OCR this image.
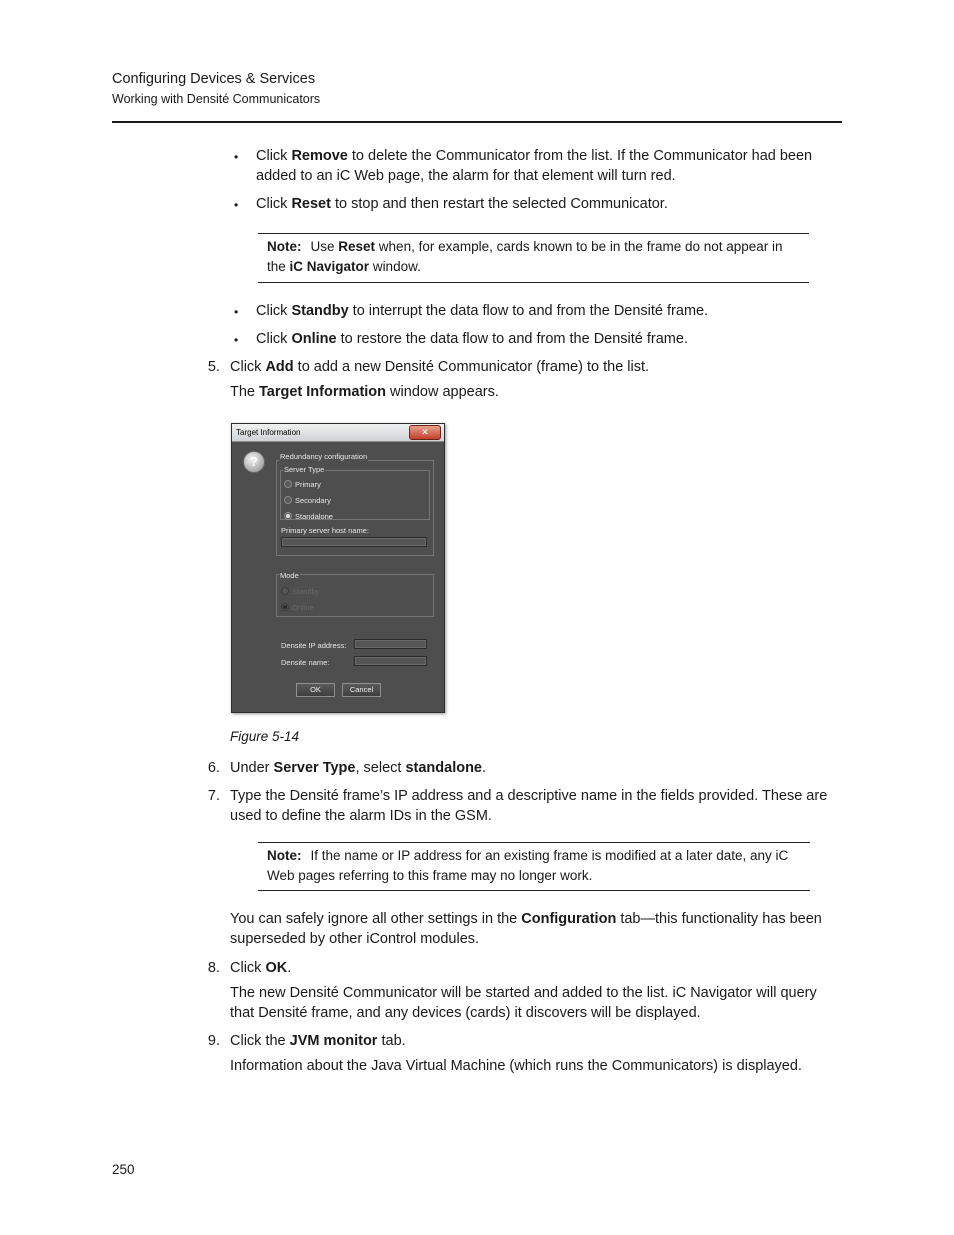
Configuring Devices & Services
Working with Densité Communicators
• Click Remove to delete the Communicator from the list. If the Communicator had been added to an iC Web page, the alarm for that element will turn red.
• Click Reset to stop and then restart the selected Communicator.
Note: Use Reset when, for example, cards known to be in the frame do not appear in the iC Navigator window.
• Click Standby to interrupt the data flow to and from the Densité frame.
• Click Online to restore the data flow to and from the Densité frame.
5. Click Add to add a new Densité Communicator (frame) to the list.
The Target Information window appears.
Target Information	✕
?	Redundancy configuration
Server Type
Primary
Secondary
Standalone
Primary server host name:
Mode
Standby
Online
Densite IP address:
Densite name:
OK	Cancel
Figure 5-14
6. Under Server Type, select standalone.
7. Type the Densité frame’s IP address and a descriptive name in the fields provided. These are used to define the alarm IDs in the GSM.
Note: If the name or IP address for an existing frame is modified at a later date, any iC Web pages referring to this frame may no longer work.
You can safely ignore all other settings in the Configuration tab—this functionality has been superseded by other iControl modules.
8. Click OK.
The new Densité Communicator will be started and added to the list. iC Navigator will query that Densité frame, and any devices (cards) it discovers will be displayed.
9. Click the JVM monitor tab.
Information about the Java Virtual Machine (which runs the Communicators) is displayed.
250
